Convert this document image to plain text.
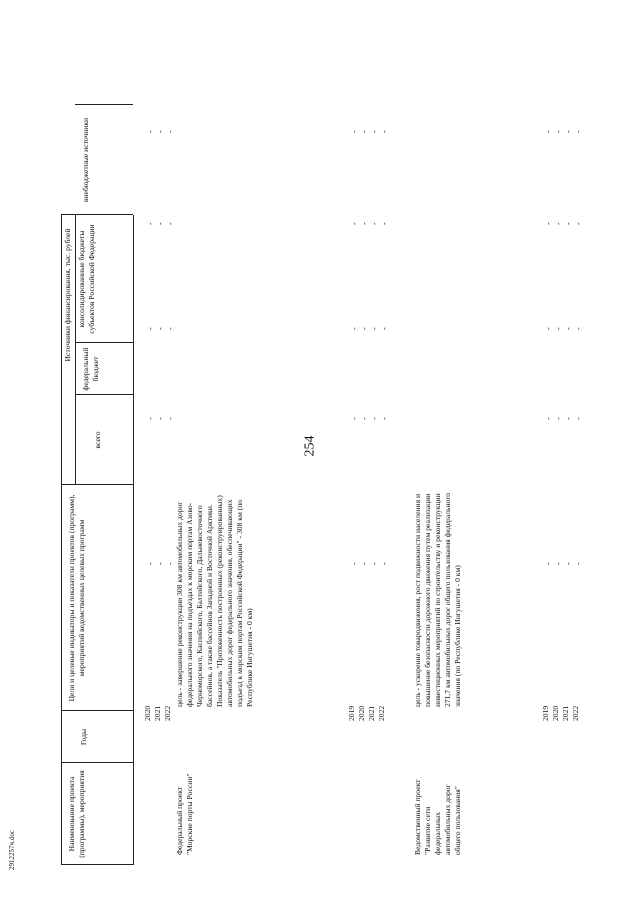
254
2912257ч.doc	Наименование проекта (программы), мероприятия
Годы
Цели и целевые индикаторы и показатели проектов (программ), мероприятий ведомственных целевых программ
Источники финансирования, тыс. рублей
всего
федеральный бюджет
консолидированные бюджеты субъектов Российской Федерации
внебюджетные источники
2020 2021 2022
- - -
- - -
- - -
- - -
- - -
Федеральный проект "Морские порты России"
цель - завершение реконструкции 308 км автомобильных дорог федерального значения на подъездах к морским портам Азово-Черноморского, Каспийского, Балтийского, Дальневосточного бассейнов, а также бассейнов Западной и Восточной Арктики. Показатель "Протяженность построенных (реконструированных) автомобильных дорог федерального значения, обеспечивающих подъезд к морским портам Российской Федерации" - 308 км (по Республике Ингушетия - 0 км)
2019 2020 2021 2022
- - - -
- - - -
- - - -
- - - -
- - - -
Ведомственный проект "Развитие сети федеральных автомобильных дорог общего пользования"
цель - ускорение товародвижения, рост подвижности населения и повышение безопасности дорожного движения путем реализации инвестиционных мероприятий по строительству и реконструкции 271,7 км автомобильных дорог общего пользования федерального значения (по Республике Ингушетия - 0 км)
2019 2020 2021 2022
- - - -
- - - -
- - - -
- - - -
- - - -
